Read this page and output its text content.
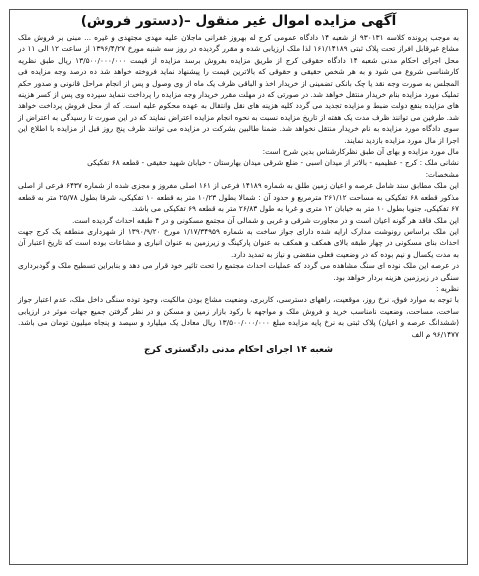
آگهی مزایده اموال غیر منقول –(دستور فروش)

به موجب پرونده کلاسه ۹۳۰۱۳۱ از شعبه ۱۴ دادگاه عمومی کرج له بهروز غفرانی ماجلان علیه مهدی مجتهدی و غیره ... مبنی بر فروش ملک مشاع غیرقابل افراز تحت پلاک ثبتی ۱۶۱/۱۴۱۸۹ لذا ملک ارزیابی شده و مقرر گردیده در روز سه شنبه مورخ ۱۳۹۶/۴/۲۷ از ساعت ۱۲ الی ۱۱ در محل اجرای احکام مدنی شعبه ۱۴ دادگاه حقوقی کرج از طریق مزایده بفروش برسد مزایده از قیمت ۱۳/۵۰۰/۰۰۰/۰۰۰ ریال طبق نظریه کارشناسی شروع می شود و به هر شخص حقیقی و حقوقی که بالاترین قیمت را پیشنهاد نماید فروخته خواهد شد ده درصد وجه مزایده فی المجلس به صورت وجه نقد یا چک بانکی تضمینی از خریدار اخذ و الباقی ظرف یک ماه از وی وصول و پس از انجام مراحل قانونی و صدور حکم تملیک مورد مزایده بنام خریدار منتقل خواهد شد. در صورتی که در مهلت مقرر خریدار وجه مزایده را پرداخت ننماید سپرده وی پس از کسر هزینه های مزایده بنفع دولت ضبط و مزایده تجدید می گردد کلیه هزینه های نقل وانتقال به عهده محکوم علیه است. که از محل فروش پرداخت خواهد شد. طرفین می توانند ظرف مدت یک هفته از تاریخ مزایده نسبت به نحوه انجام مزایده اعتراض نمایند که در این صورت تا رسیدگی به اعتراض از سوی دادگاه مورد مزایده به نام خریدار منتقل نخواهد شد. ضمنا طالبین بشرکت در مزایده می توانند ظرف پنج روز قبل از مزایده با اطلاع این اجرا از مال مورد مزایده بازدید نمایند.

مال مورد مزایده و بهای آن طبق نظرکارشناس بدین شرح است:

نشانی ملک : کرج - عظیمیه - بالاتر از میدان اسبی - ضلع شرقی میدان بهارستان - خیابان شهید حقیقی - قطعه ۶۸ تفکیکی

مشخصات:

این ملک مطابق سند شامل عرصه و اعیان زمین طلق به شماره ۱۴۱۸۹ فرعی از ۱۶۱ اصلی مفروز و مجزی شده از شماره ۶۴۳۷ فرعی از اصلی مذکور قطعه ۶۸ تفکیکی به مساحت ۲۶۱/۱۲ مترمربع و حدود آن : شمالا بطول ۱۰/۲۳ متر به قطعه ۱۰ تفکیکی، شرقا بطول ۲۵/۷۸ متر به قطعه ۶۷ تفکیکی، جنوبا بطول ۱۰ متر به خیابان ۱۲ متری و غربا به طول ۲۶/۸۳ متر به قطعه ۶۹ تفکیکی می باشد.

این ملک فاقد هر گونه اعیان است و در مجاورت شرقی و غربی و شمالی آن مجتمع مسکونی و در ۴ طبقه احداث گردیده است.

این ملک براساس رونوشت مدارک ارایه شده دارای جواز ساخت به شماره ۱/۱۷/۳۴۹۵۹ مورخ ۱۳۹۰/۹/۲۰ از شهرداری منطقه یک کرج جهت احداث بنای مسکونی در چهار طبقه بالای همکف و همکف به عنوان پارکینگ و زیرزمین به عنوان انباری و مشاعات بوده است که تاریخ اعتبار آن به مدت یکسال و نیم بوده که در وضعیت فعلی منقضی و نیاز به تمدید دارد.

در عرصه این ملک نوده ای سنگ مشاهده می گردد که عملیات احداث مجتمع را تحت تاثیر خود قرار می دهد و بنابراین تسطیح ملک و گودبرداری سنگی در زیرزمین هزینه بردار خواهد بود.

نظریه :

با توجه به موارد فوق، نرخ روز، موقعیت، راههای دسترسی، کاربری، وضعیت مشاع بودن مالکیت، وجود توده سنگی داخل ملک، عدم اعتبار جواز ساخت، مساحت، وضعیت نامناسب خرید و فروش ملک و مواجهه با رکود بازار زمین و مسکن و در نظر گرفتن جمیع جهات موثر در ارزیابی (ششدانگ عرصه و اعیان) پلاک ثبتی به نرخ پایه مزایده مبلغ ۱۳/۵۰۰/۰۰۰/۰۰۰ ریال معادل یک میلیارد و سیصد و پنجاه میلیون تومان می باشد. ۹۶/۱۴۷۷ م الف

شعبه ۱۴ اجرای احکام مدنی دادگستری کرج
